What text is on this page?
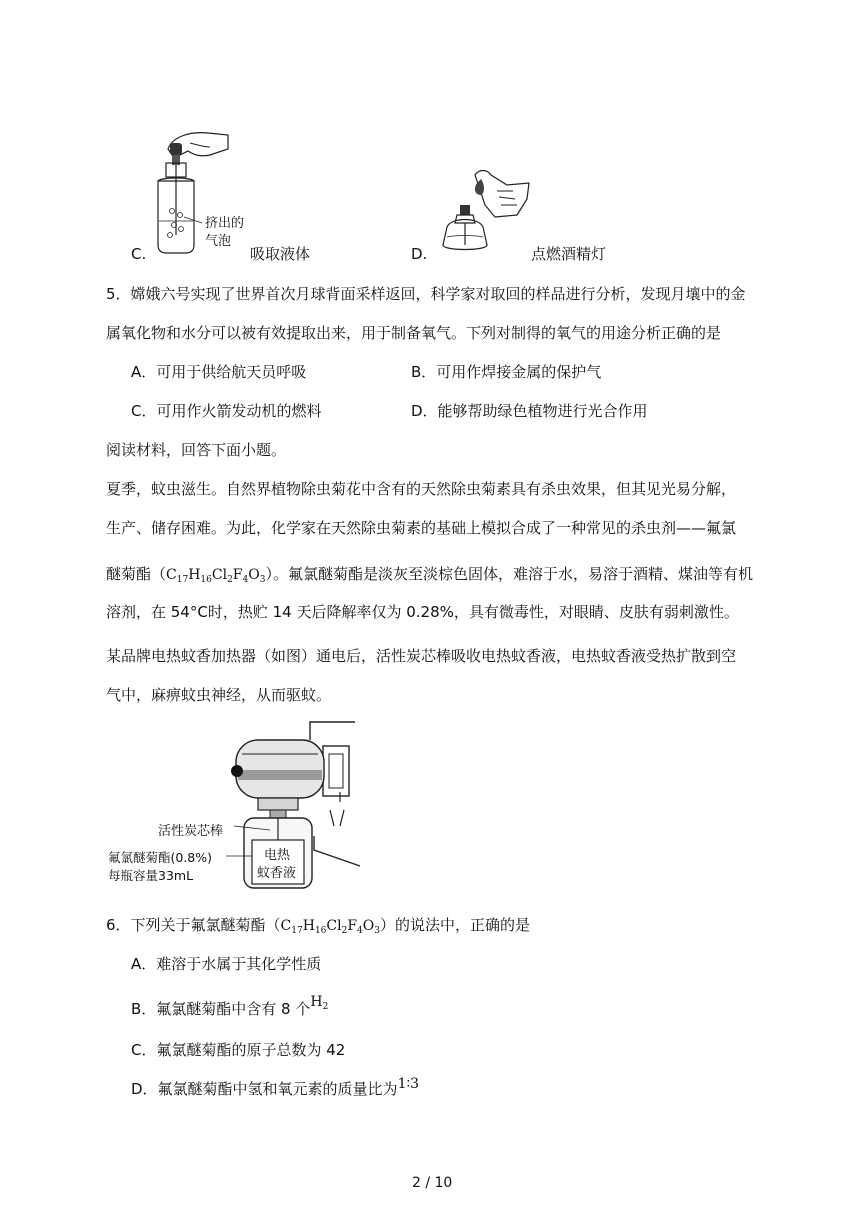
挤出的
气泡
C.	吸取液体	D.	点燃酒精灯
5．嫦娥六号实现了世界首次月球背面采样返回，科学家对取回的样品进行分析，发现月壤中的金
属氧化物和水分可以被有效提取出来，用于制备氧气。下列对制得的氧气的用途分析正确的是
A．可用于供给航天员呼吸	B．可用作焊接金属的保护气
C．可用作火箭发动机的燃料	D．能够帮助绿色植物进行光合作用
阅读材料，回答下面小题。
夏季，蚊虫滋生。自然界植物除虫菊花中含有的天然除虫菊素具有杀虫效果，但其见光易分解，
生产、储存困难。为此，化学家在天然除虫菊素的基础上模拟合成了一种常见的杀虫剂——氟氯
醚菊酯$(C_{17}H_{16}Cl_2F_4O_3)$。氟氯醚菊酯是淡灰至淡棕色固体，难溶于水，易溶于酒精、煤油等有机
溶剂，在 54°C时，热贮 14 天后降解率仅为 0.28%，具有微毒性，对眼睛、皮肤有弱刺激性。
某品牌电热蚊香加热器（如图）通电后，活性炭芯棒吸收电热蚊香液，电热蚊香液受热扩散到空
气中，麻痹蚊虫神经，从而驱蚊。
活性炭芯棒
氟氯醚菊酯(0.8%)
每瓶容量33mL
电热
蚊香液
6．下列关于氟氯醚菊酯$(C_{17}H_{16}Cl_2F_4O_3)$的说法中，正确的是
A．难溶于水属于其化学性质
B．氟氯醚菊酯中含有 8 个$H_2$
C．氟氯醚菊酯的原子总数为 42
D．氟氯醚菊酯中氢和氧元素的质量比为1∶3
2 / 10
